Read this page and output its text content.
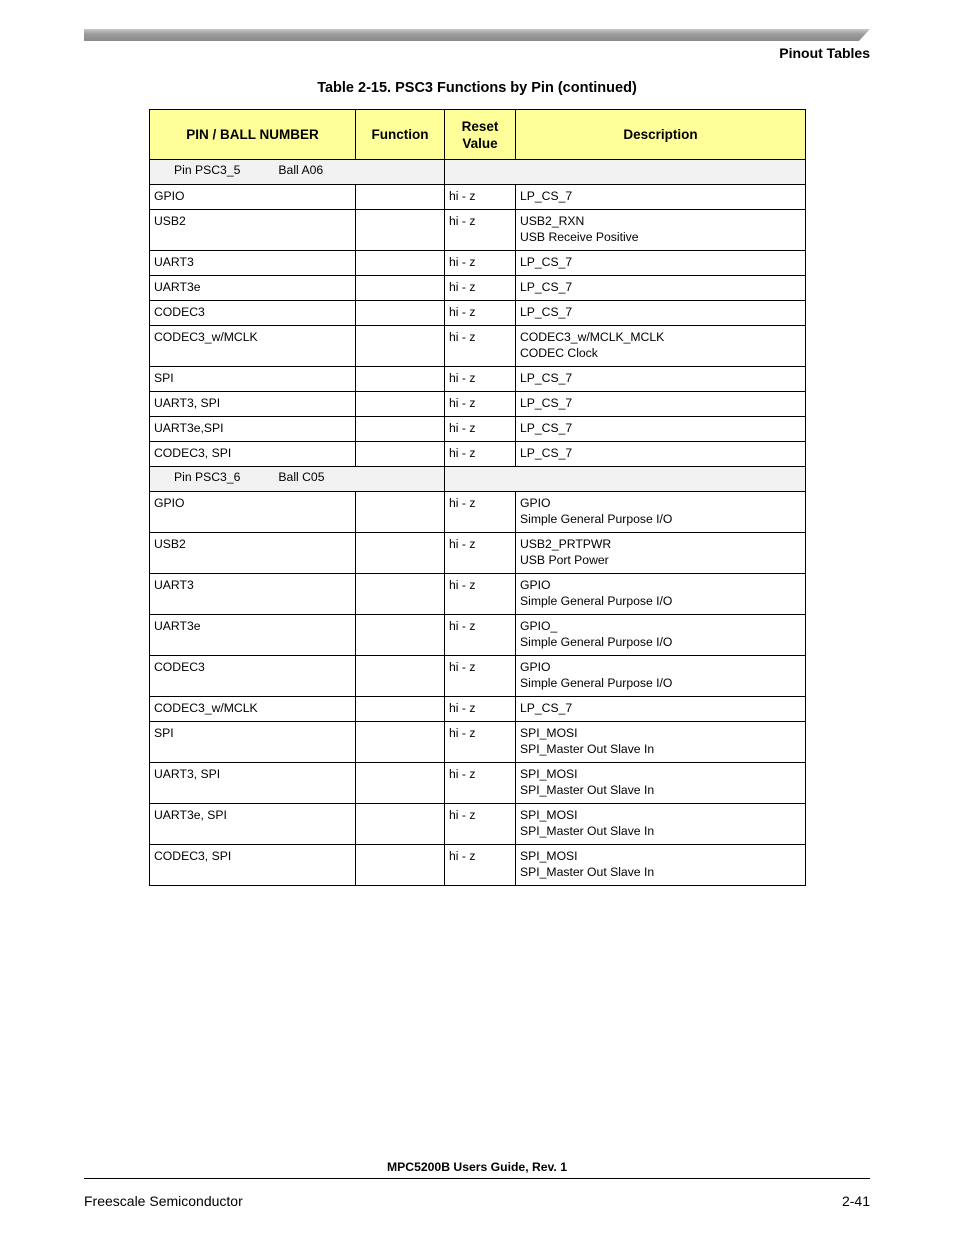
Pinout Tables
Table 2-15. PSC3 Functions by Pin (continued)
PIN / BALL NUMBER	Function	Reset Value	Description
Pin PSC3_5 Ball A06			
GPIO		hi - z	LP_CS_7

USB2		hi - z	USB2_RXN
USB Receive Positive

UART3		hi - z	LP_CS_7

UART3e		hi - z	LP_CS_7

CODEC3		hi - z	LP_CS_7

CODEC3_w/MCLK		hi - z	CODEC3_w/MCLK_MCLK
CODEC Clock

SPI		hi - z	LP_CS_7

UART3, SPI		hi - z	LP_CS_7

UART3e,SPI		hi - z	LP_CS_7

CODEC3, SPI		hi - z	LP_CS_7

Pin PSC3_6 Ball C05			
GPIO		hi - z	GPIO
Simple General Purpose I/O

USB2		hi - z	USB2_PRTPWR
USB Port Power

UART3		hi - z	GPIO
Simple General Purpose I/O

UART3e		hi - z	GPIO_
Simple General Purpose I/O

CODEC3		hi - z	GPIO
Simple General Purpose I/O

CODEC3_w/MCLK		hi - z	LP_CS_7

SPI		hi - z	SPI_MOSI
SPI_Master Out Slave In

UART3, SPI		hi - z	SPI_MOSI
SPI_Master Out Slave In

UART3e, SPI		hi - z	SPI_MOSI
SPI_Master Out Slave In

CODEC3, SPI		hi - z	SPI_MOSI
SPI_Master Out Slave In
MPC5200B Users Guide, Rev. 1
Freescale Semiconductor	2-41
